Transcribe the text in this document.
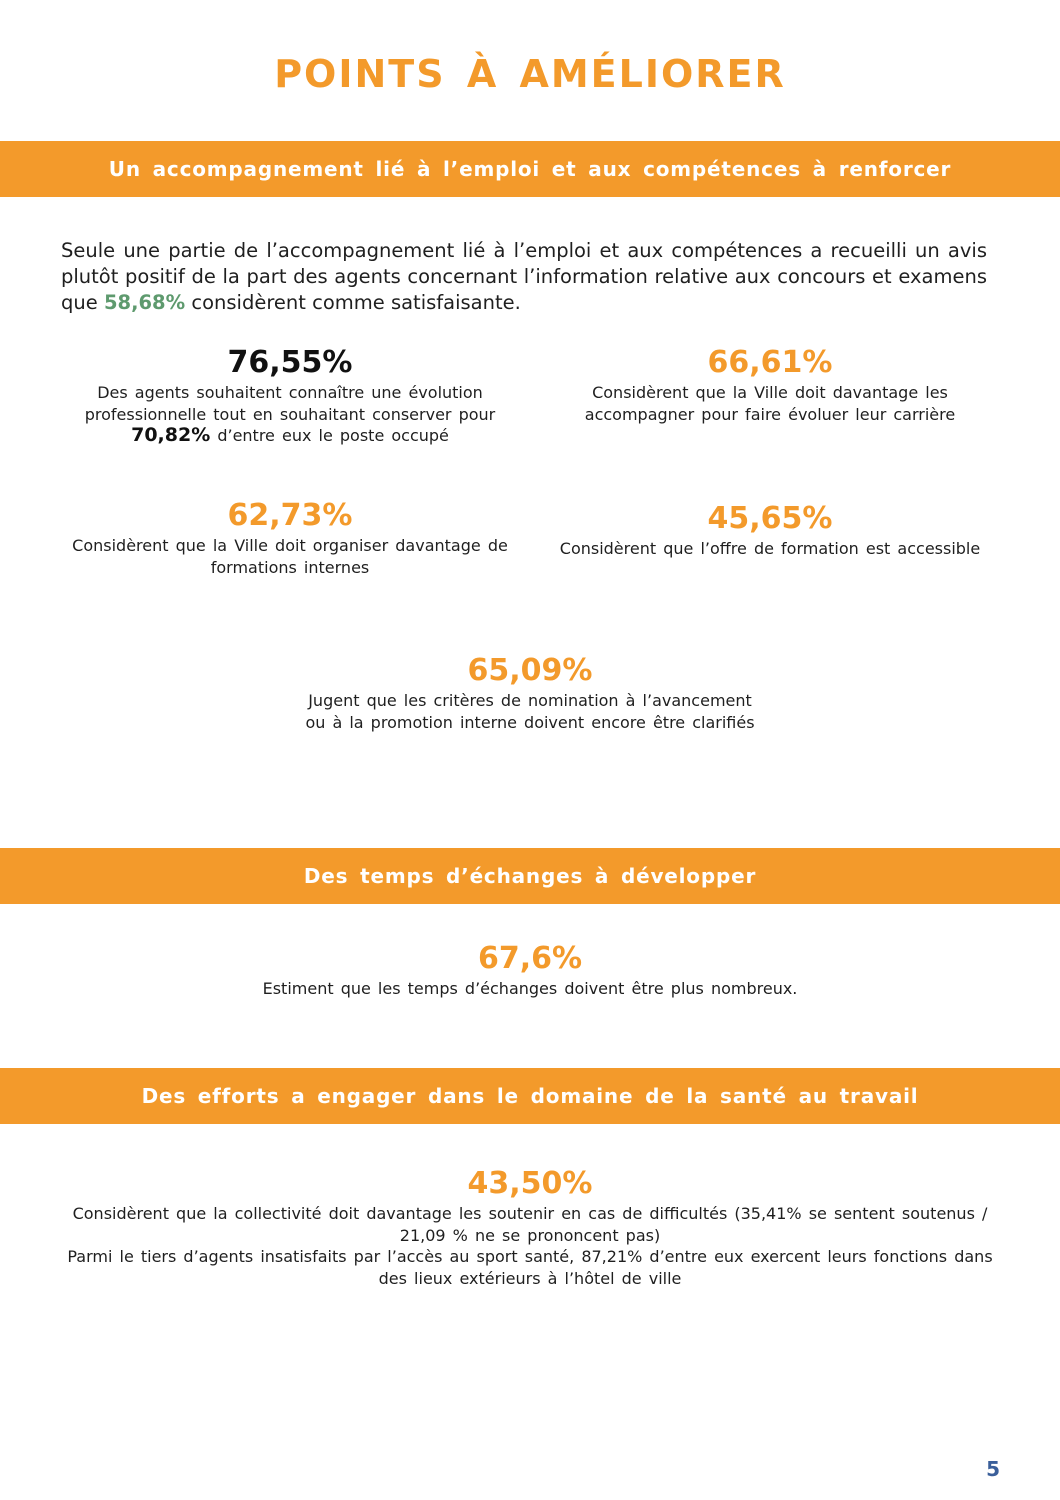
POINTS À AMÉLIORER
Un accompagnement lié à l’emploi et aux compétences à renforcer

Seule une partie de l’accompagnement lié à l’emploi et aux compétences a recueilli un avis plutôt positif de la part des agents concernant l’information relative aux concours et examens que 58,68% considèrent comme satisfaisante.

76,55%
Des agents souhaitent connaître une évolution professionnelle tout en souhaitant conserver pour 70,82% d’entre eux le poste occupé
66,61%
Considèrent que la Ville doit davantage les accompagner pour faire évoluer leur carrière
62,73%
Considèrent que la Ville doit organiser davantage de formations internes
45,65%
Considèrent que l’offre de formation est accessible
65,09%
Jugent que les critères de nomination à l’avancement ou à la promotion interne doivent encore être clarifiés
Des temps d’échanges à développer
67,6%
Estiment que les temps d’échanges doivent être plus nombreux.
Des efforts a engager dans le domaine de la santé au travail
43,50%
Considèrent que la collectivité doit davantage les soutenir en cas de difficultés (35,41% se sentent soutenus / 21,09 % ne se prononcent pas)
Parmi le tiers d’agents insatisfaits par l’accès au sport santé, 87,21% d’entre eux exercent leurs fonctions dans des lieux extérieurs à l’hôtel de ville
5
